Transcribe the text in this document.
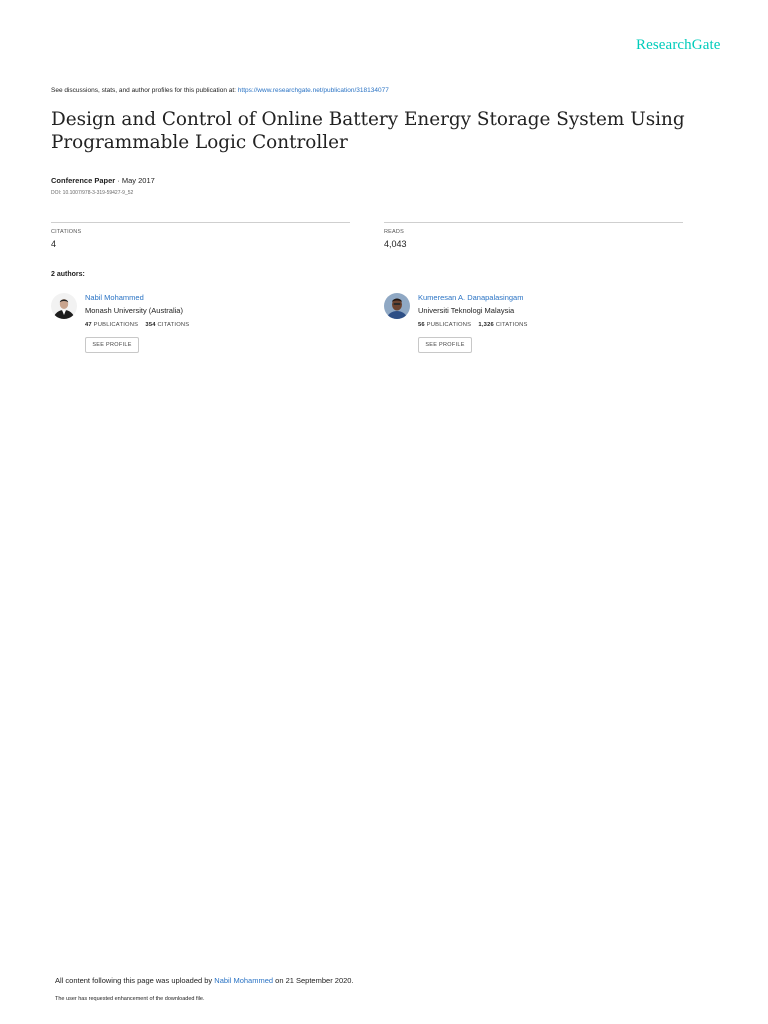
ResearchGate
See discussions, stats, and author profiles for this publication at: https://www.researchgate.net/publication/318134077
Design and Control of Online Battery Energy Storage System Using Programmable Logic Controller
Conference Paper · May 2017
DOI: 10.1007/978-3-319-59427-9_52
CITATIONS
4
READS
4,043
2 authors:
Nabil Mohammed
Monash University (Australia)
47 PUBLICATIONS 354 CITATIONS
SEE PROFILE
Kumeresan A. Danapalasingam
Universiti Teknologi Malaysia
56 PUBLICATIONS 1,326 CITATIONS
SEE PROFILE
All content following this page was uploaded by Nabil Mohammed on 21 September 2020.
The user has requested enhancement of the downloaded file.
